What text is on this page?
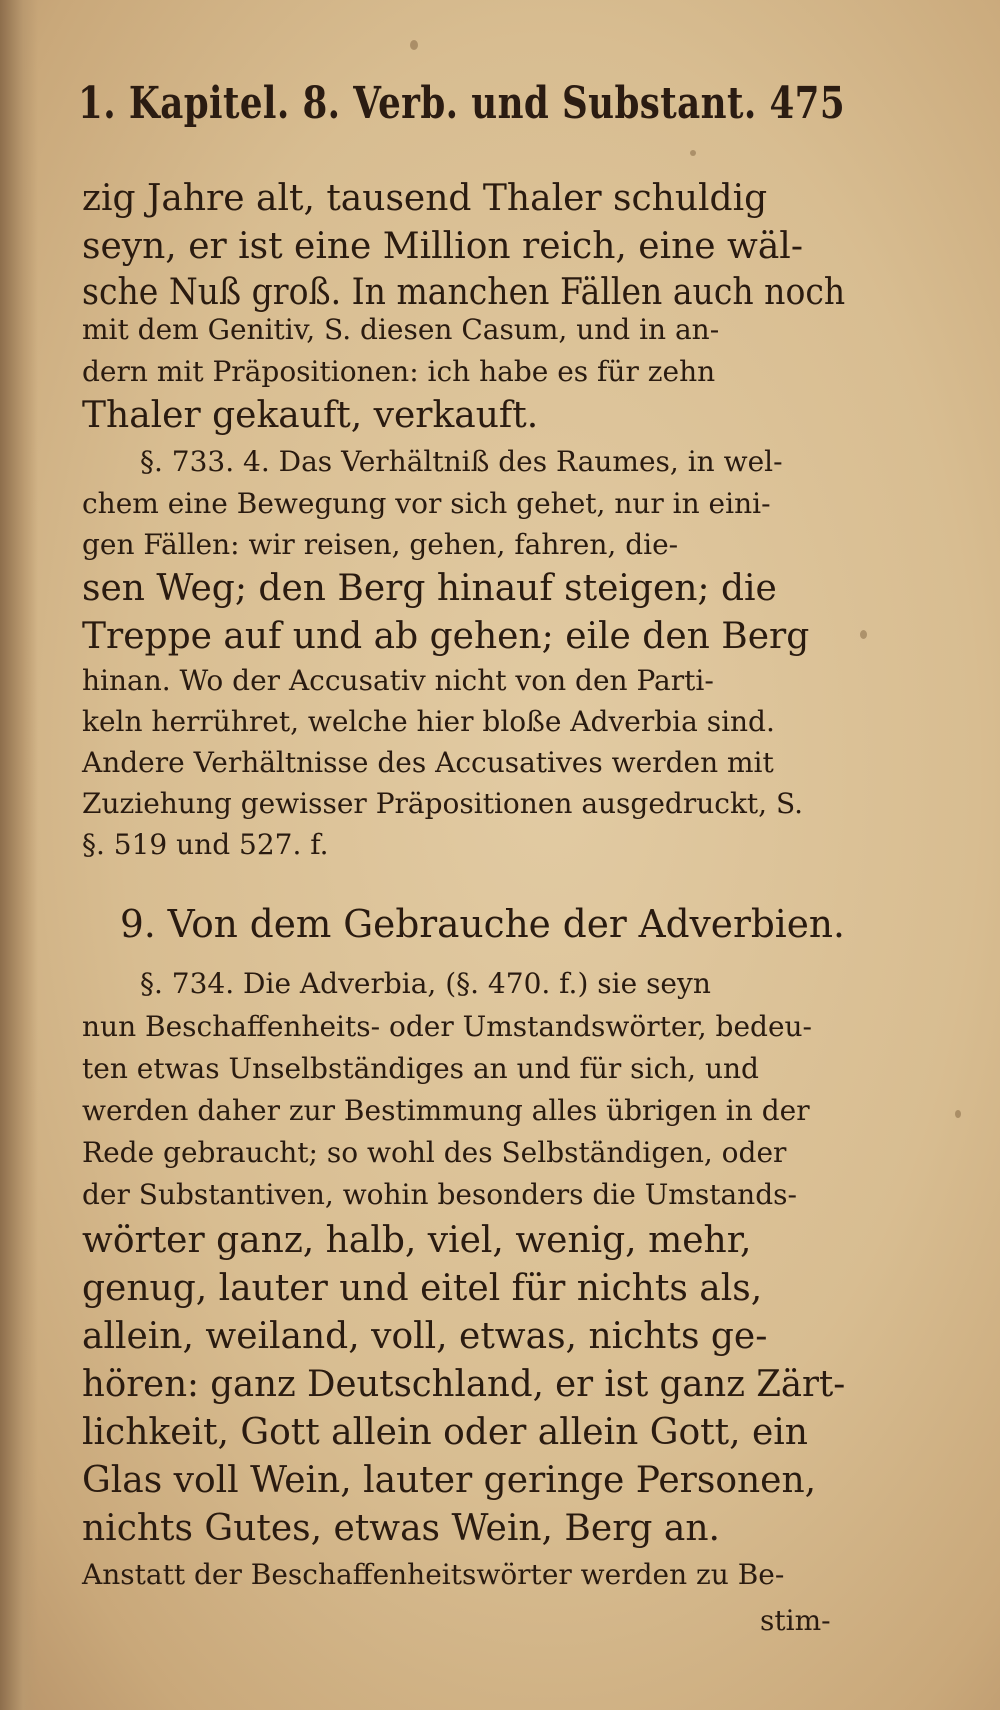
1. Kapitel. 8. Verb. und Substant. 475
zig Jahre alt, tausend Thaler schuldig
seyn, er ist eine Million reich, eine wäl-
sche Nuß groß. In manchen Fällen auch noch
mit dem Genitiv, S. diesen Casum, und in an-
dern mit Präpositionen: ich habe es für zehn
Thaler gekauft, verkauft.
§. 733. 4. Das Verhältniß des Raumes, in wel-
chem eine Bewegung vor sich gehet, nur in eini-
gen Fällen: wir reisen, gehen, fahren, die-
sen Weg; den Berg hinauf steigen; die
Treppe auf und ab gehen; eile den Berg
hinan. Wo der Accusativ nicht von den Parti-
keln herrühret, welche hier bloße Adverbia sind.
Andere Verhältnisse des Accusatives werden mit
Zuziehung gewisser Präpositionen ausgedruckt, S.
§. 519 und 527. f.
9. Von dem Gebrauche der Adverbien.
§. 734. Die Adverbia, (§. 470. f.) sie seyn
nun Beschaffenheits- oder Umstandswörter, bedeu-
ten etwas Unselbständiges an und für sich, und
werden daher zur Bestimmung alles übrigen in der
Rede gebraucht; so wohl des Selbständigen, oder
der Substantiven, wohin besonders die Umstands-
wörter ganz, halb, viel, wenig, mehr,
genug, lauter und eitel für nichts als,
allein, weiland, voll, etwas, nichts ge-
hören: ganz Deutschland, er ist ganz Zärt-
lichkeit, Gott allein oder allein Gott, ein
Glas voll Wein, lauter geringe Personen,
nichts Gutes, etwas Wein, Berg an.
Anstatt der Beschaffenheitswörter werden zu Be-
stim-
